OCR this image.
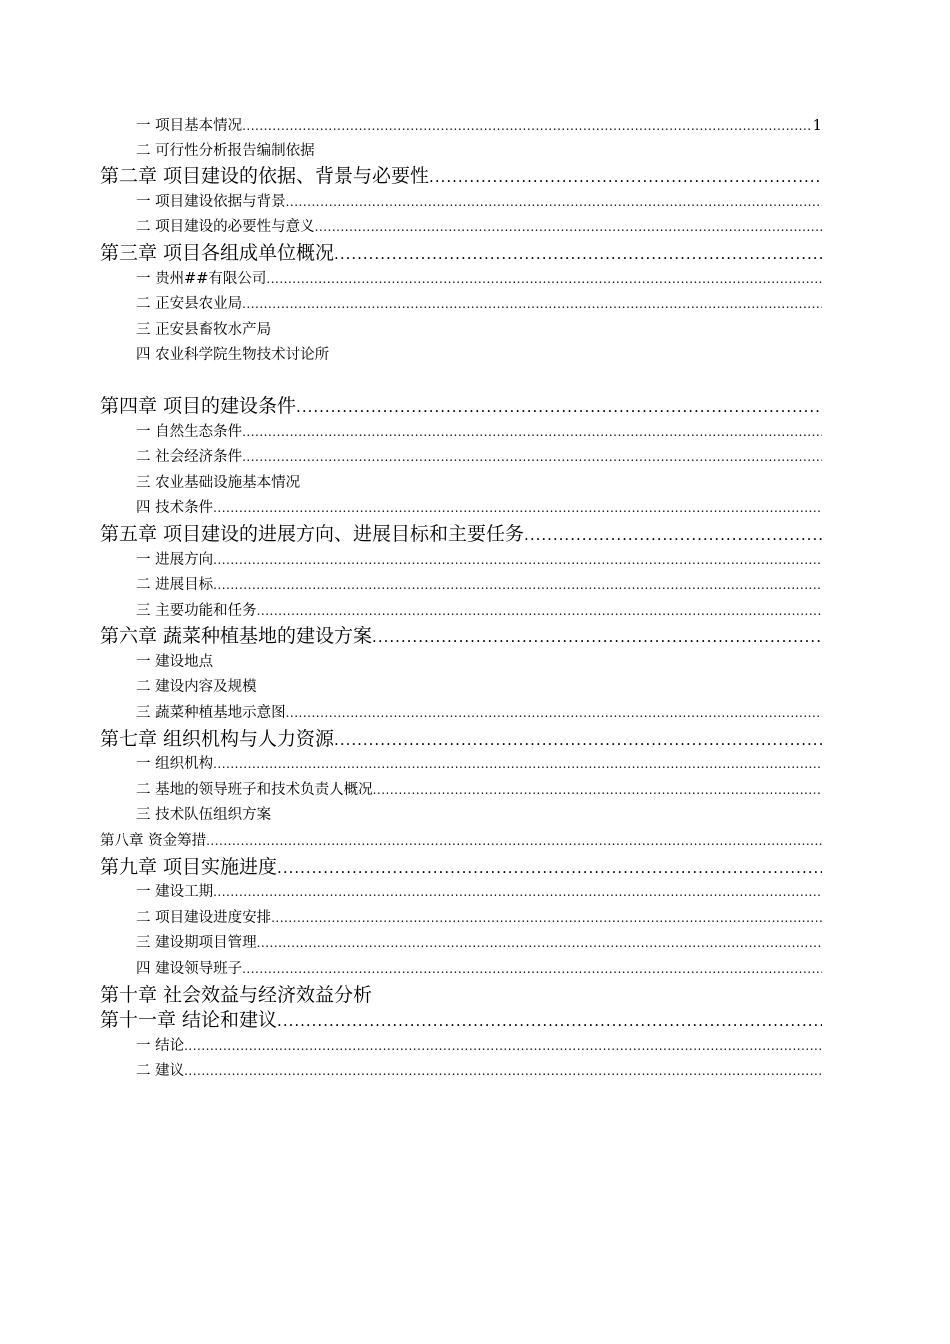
一 项目基本情况
.....	1
二 可行性分析报告编制依据
第二章 项目建设的依据、背景与必要性
.....
一 项目建设依据与背景
.....
二 项目建设的必要性与意义
.....
第三章 项目各组成单位概况
.....
一 贵州##有限公司
.....
二 正安县农业局
.....
三 正安县畜牧水产局
四 农业科学院生物技术讨论所
第四章 项目的建设条件
.....
一 自然生态条件
.....
二 社会经济条件
.....
三 农业基础设施基本情况
四 技术条件
.....
第五章 项目建设的进展方向、进展目标和主要任务
.....
一 进展方向
.....
二 进展目标
.....
三 主要功能和任务
.....
第六章 蔬菜种植基地的建设方案
.....
一 建设地点
二 建设内容及规模
三 蔬菜种植基地示意图
.....
第七章 组织机构与人力资源
.....
一 组织机构
.....
二 基地的领导班子和技术负责人概况
.....
三 技术队伍组织方案
第八章 资金筹措
.....
第九章 项目实施进度
.....
一 建设工期
.....
二 项目建设进度安排
.....
三 建设期项目管理
.....
四 建设领导班子
.....
第十章 社会效益与经济效益分析
第十一章 结论和建议
.....
一 结论
.....
二 建议
.....
